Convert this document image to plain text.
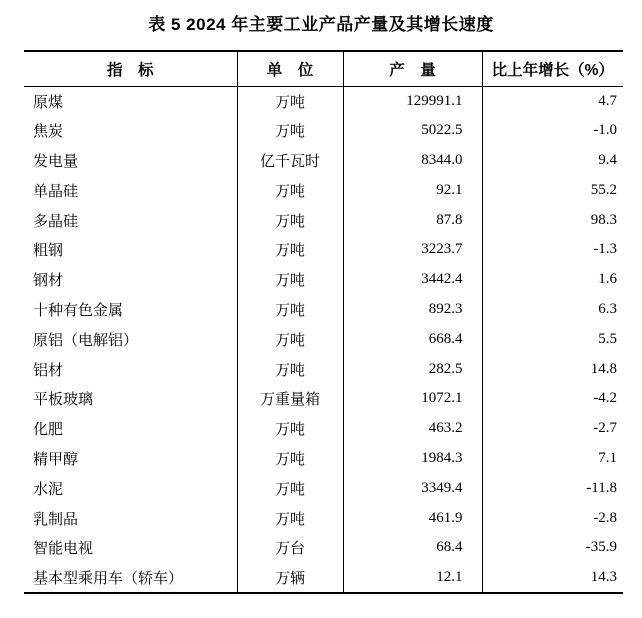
表 5 2024 年主要工业产品产量及其增长速度
指　标	单　位	产　量	比上年增长（%）
原煤	万吨	129991.1	4.7
焦炭	万吨	5022.5	-1.0
发电量	亿千瓦时	8344.0	9.4
单晶硅	万吨	92.1	55.2
多晶硅	万吨	87.8	98.3
粗钢	万吨	3223.7	-1.3
钢材	万吨	3442.4	1.6
十种有色金属	万吨	892.3	6.3
原铝（电解铝）	万吨	668.4	5.5
铝材	万吨	282.5	14.8
平板玻璃	万重量箱	1072.1	-4.2
化肥	万吨	463.2	-2.7
精甲醇	万吨	1984.3	7.1
水泥	万吨	3349.4	-11.8
乳制品	万吨	461.9	-2.8
智能电视	万台	68.4	-35.9
基本型乘用车（轿车）	万辆	12.1	14.3
